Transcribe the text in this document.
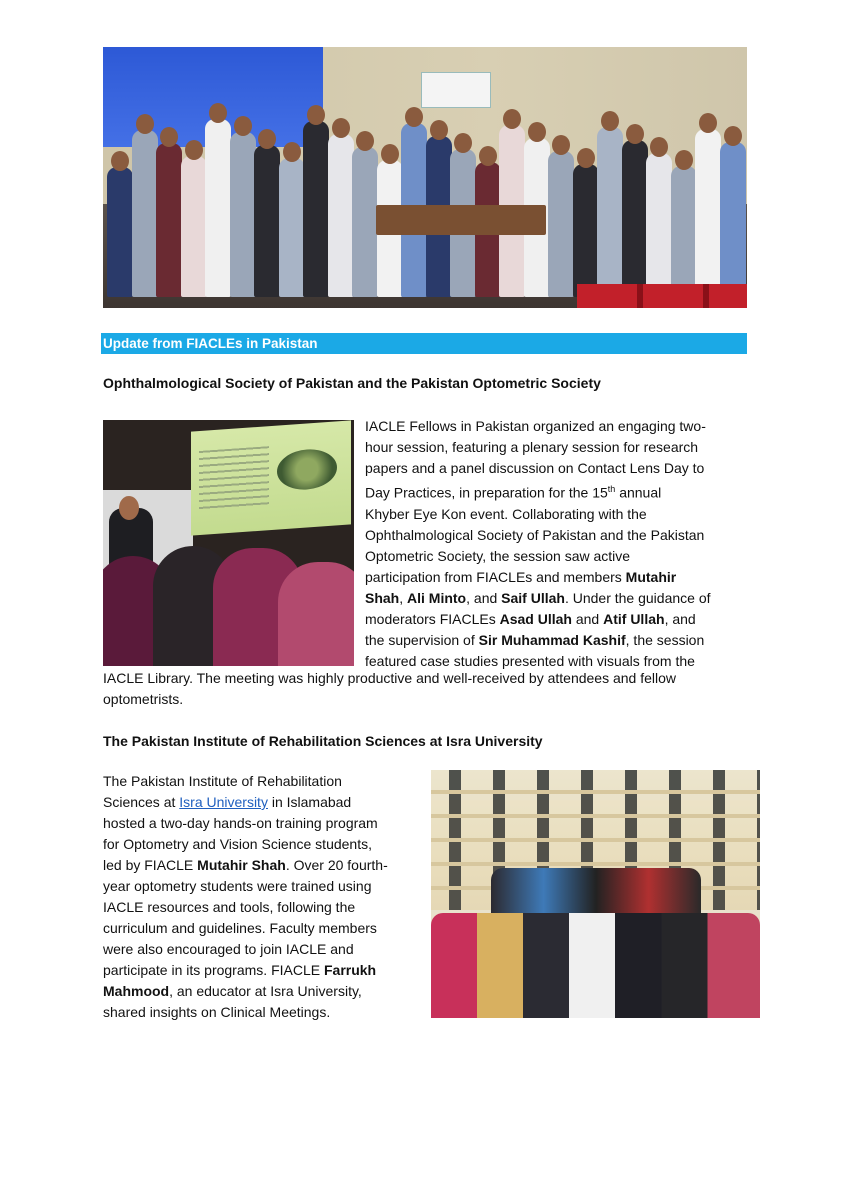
Update from FIACLEs in Pakistan
Ophthalmological Society of Pakistan and the Pakistan Optometric Society

IACLE Fellows in Pakistan organized an engaging two-

hour session, featuring a plenary session for research

papers and a panel discussion on Contact Lens Day to

Day Practices, in preparation for the 15th annual

Khyber Eye Kon event. Collaborating with the

Ophthalmological Society of Pakistan and the Pakistan

Optometric Society, the session saw active

participation from FIACLEs and members Mutahir

Shah, Ali Minto, and Saif Ullah. Under the guidance of

moderators FIACLEs Asad Ullah and Atif Ullah, and

the supervision of Sir Muhammad Kashif, the session

featured case studies presented with visuals from the

IACLE Library. The meeting was highly productive and well-received by attendees and fellow

optometrists.

The Pakistan Institute of Rehabilitation Sciences at Isra University

The Pakistan Institute of Rehabilitation

Sciences at Isra University in Islamabad

hosted a two-day hands-on training program

for Optometry and Vision Science students,

led by FIACLE Mutahir Shah. Over 20 fourth-

year optometry students were trained using

IACLE resources and tools, following the

curriculum and guidelines. Faculty members

were also encouraged to join IACLE and

participate in its programs. FIACLE Farrukh

Mahmood, an educator at Isra University,

shared insights on Clinical Meetings.
